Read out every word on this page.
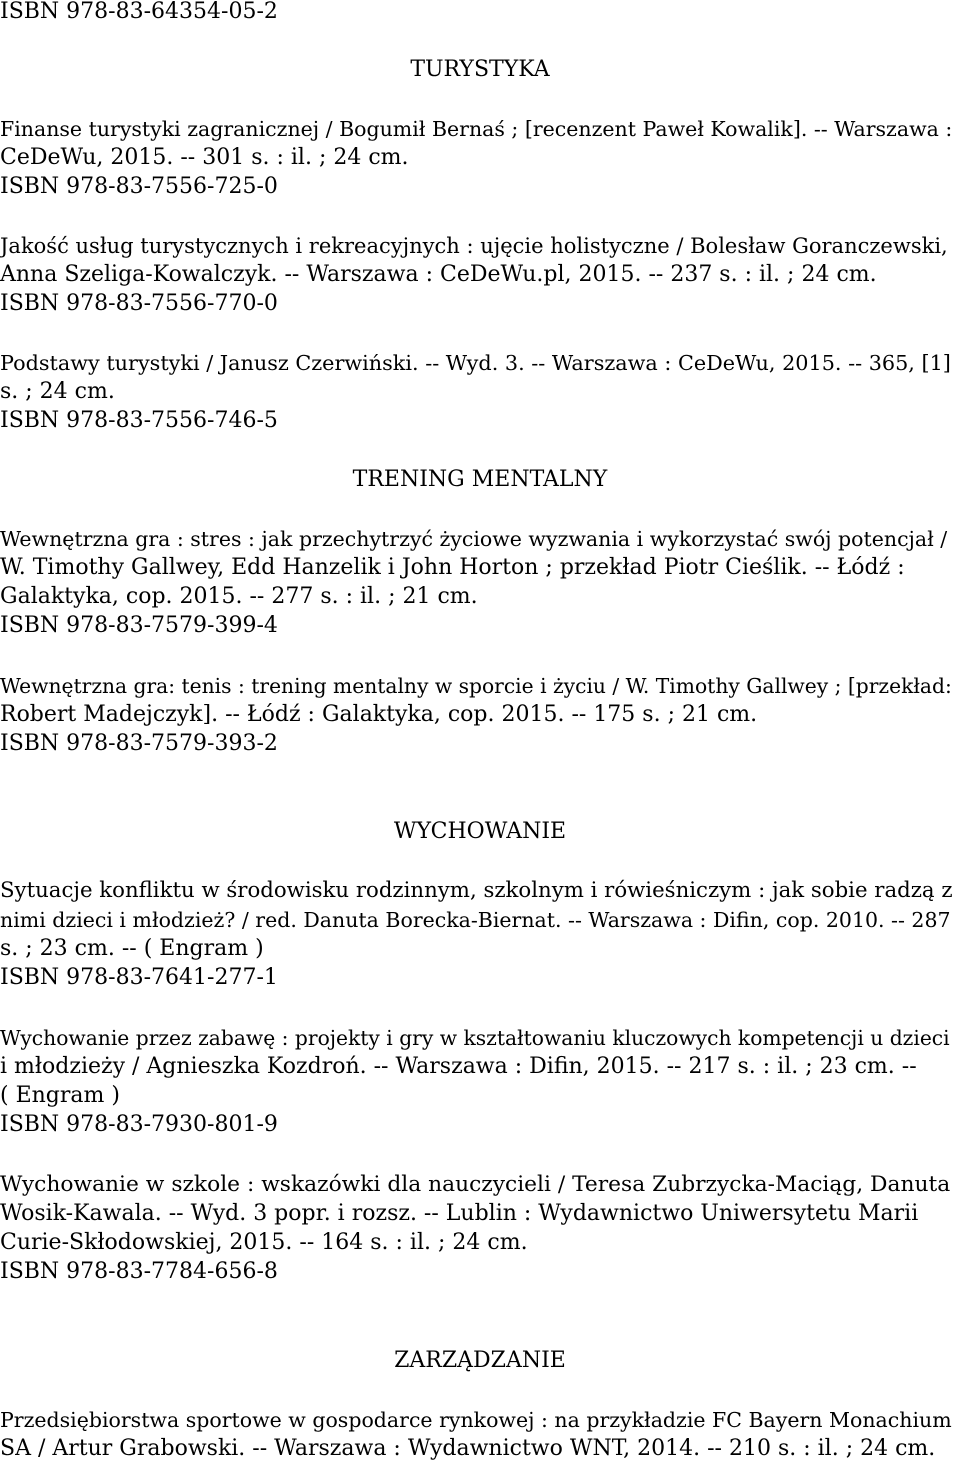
ISBN 978-83-64354-05-2

TURYSTYKA

Finanse turystyki zagranicznej / Bogumił Bernaś ; [recenzent Paweł Kowalik]. -- Warszawa :

CeDeWu, 2015. -- 301 s. : il. ; 24 cm.

ISBN 978-83-7556-725-0

Jakość usług turystycznych i rekreacyjnych : ujęcie holistyczne / Bolesław Goranczewski,

Anna Szeliga-Kowalczyk. -- Warszawa : CeDeWu.pl, 2015. -- 237 s. : il. ; 24 cm.

ISBN 978-83-7556-770-0

Podstawy turystyki / Janusz Czerwiński. -- Wyd. 3. -- Warszawa : CeDeWu, 2015. -- 365, [1]

s. ; 24 cm.

ISBN 978-83-7556-746-5

TRENING MENTALNY

Wewnętrzna gra : stres : jak przechytrzyć życiowe wyzwania i wykorzystać swój potencjał /

W. Timothy Gallwey, Edd Hanzelik i John Horton ; przekład Piotr Cieślik. -- Łódź :

Galaktyka, cop. 2015. -- 277 s. : il. ; 21 cm.

ISBN 978-83-7579-399-4

Wewnętrzna gra: tenis : trening mentalny w sporcie i życiu / W. Timothy Gallwey ; [przekład:

Robert Madejczyk]. -- Łódź : Galaktyka, cop. 2015. -- 175 s. ; 21 cm.

ISBN 978-83-7579-393-2

WYCHOWANIE

Sytuacje konfliktu w środowisku rodzinnym, szkolnym i rówieśniczym : jak sobie radzą z

nimi dzieci i młodzież? / red. Danuta Borecka-Biernat. -- Warszawa : Difin, cop. 2010. -- 287

s. ; 23 cm. -- ( Engram )

ISBN 978-83-7641-277-1

Wychowanie przez zabawę : projekty i gry w kształtowaniu kluczowych kompetencji u dzieci

i młodzieży / Agnieszka Kozdroń. -- Warszawa : Difin, 2015. -- 217 s. : il. ; 23 cm. --

( Engram )

ISBN 978-83-7930-801-9

Wychowanie w szkole : wskazówki dla nauczycieli / Teresa Zubrzycka-Maciąg, Danuta

Wosik-Kawala. -- Wyd. 3 popr. i rozsz. -- Lublin : Wydawnictwo Uniwersytetu Marii

Curie-Skłodowskiej, 2015. -- 164 s. : il. ; 24 cm.

ISBN 978-83-7784-656-8

ZARZĄDZANIE

Przedsiębiorstwa sportowe w gospodarce rynkowej : na przykładzie FC Bayern Monachium

SA / Artur Grabowski. -- Warszawa : Wydawnictwo WNT, 2014. -- 210 s. : il. ; 24 cm.
